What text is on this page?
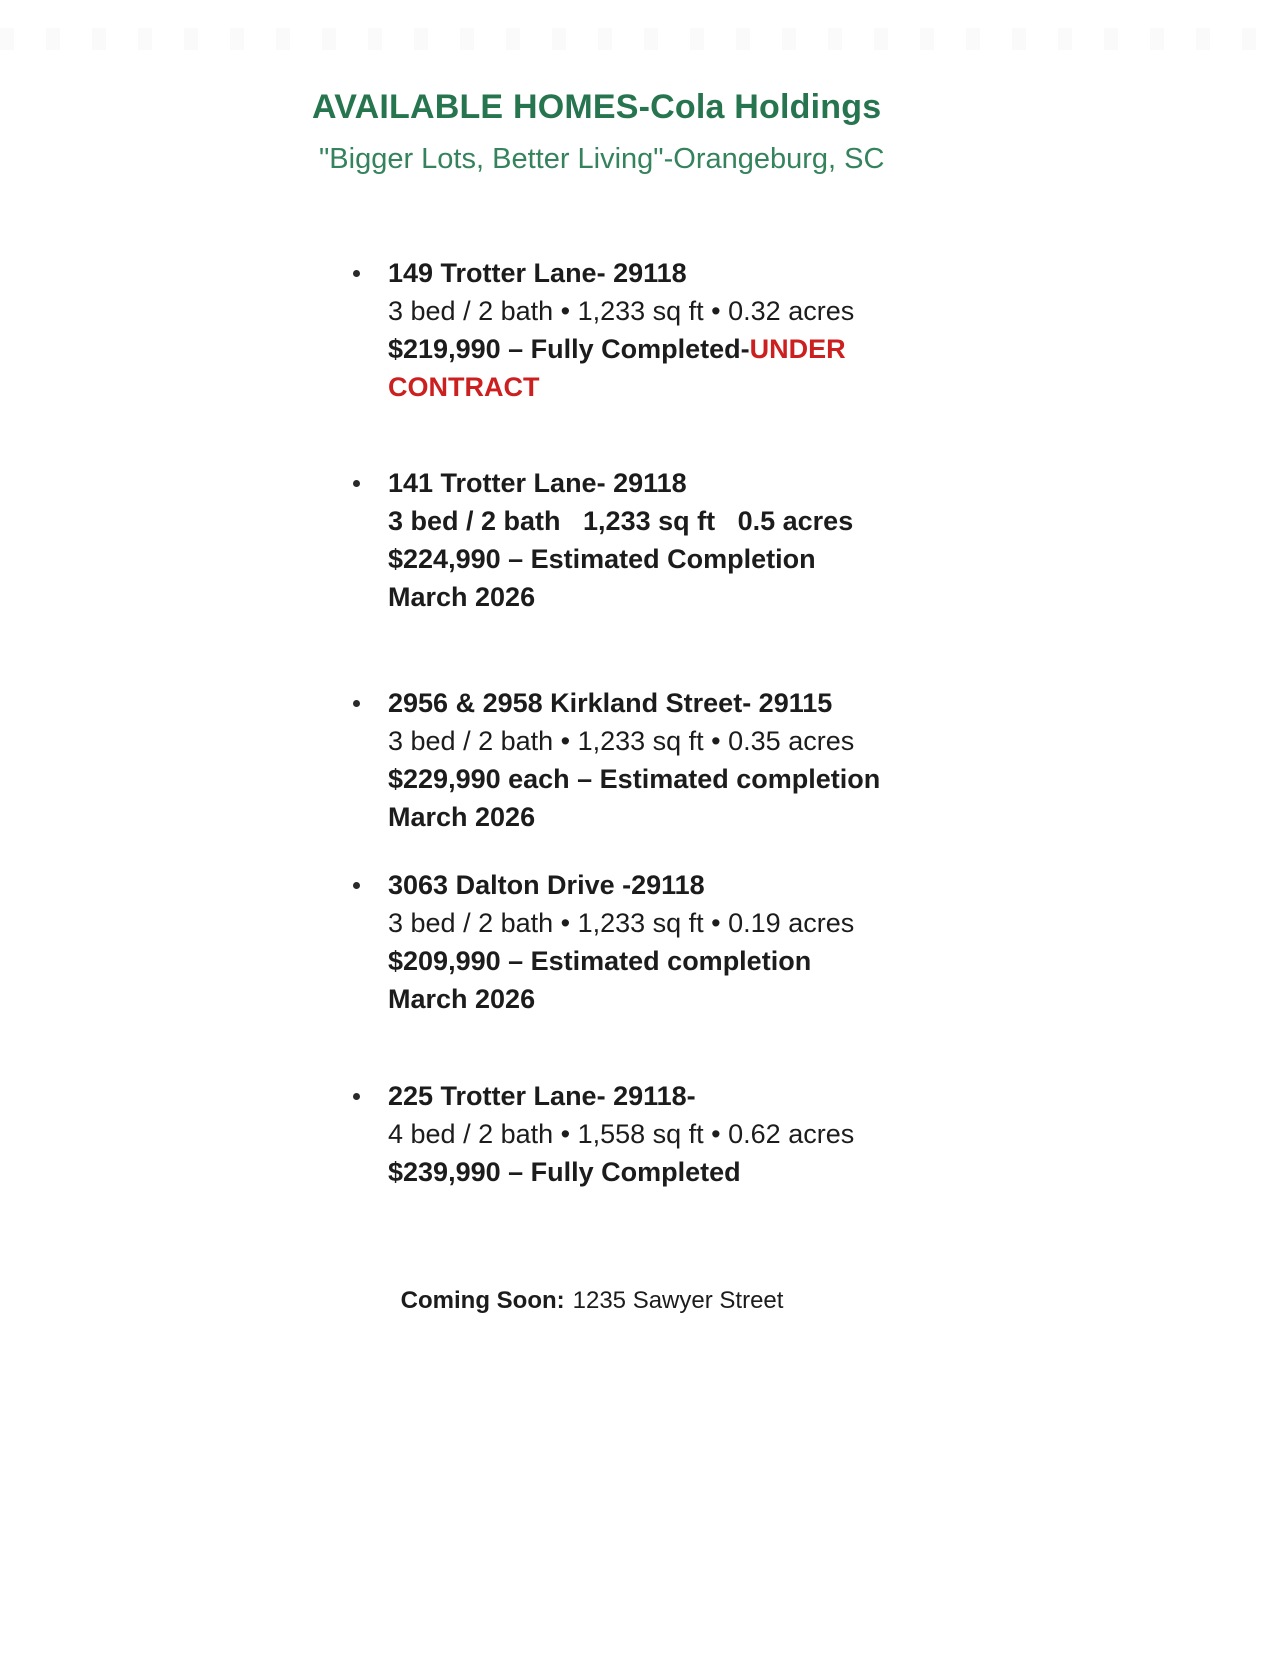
AVAILABLE HOMES-Cola Holdings
"Bigger Lots, Better Living"-Orangeburg, SC
149 Trotter Lane- 29118
3 bed / 2 bath • 1,233 sq ft • 0.32 acres
$219,990 – Fully Completed-UNDER
CONTRACT
141 Trotter Lane- 29118
3 bed / 2 bath   1,233 sq ft   0.5 acres
$224,990 – Estimated Completion
March 2026
2956 & 2958 Kirkland Street- 29115
3 bed / 2 bath • 1,233 sq ft • 0.35 acres
$229,990 each – Estimated completion
March 2026
3063 Dalton Drive -29118
3 bed / 2 bath • 1,233 sq ft • 0.19 acres
$209,990 – Estimated completion
March 2026
225 Trotter Lane- 29118-
4 bed / 2 bath • 1,558 sq ft • 0.62 acres
$239,990 – Fully Completed

Coming Soon: 1235 Sawyer Street
